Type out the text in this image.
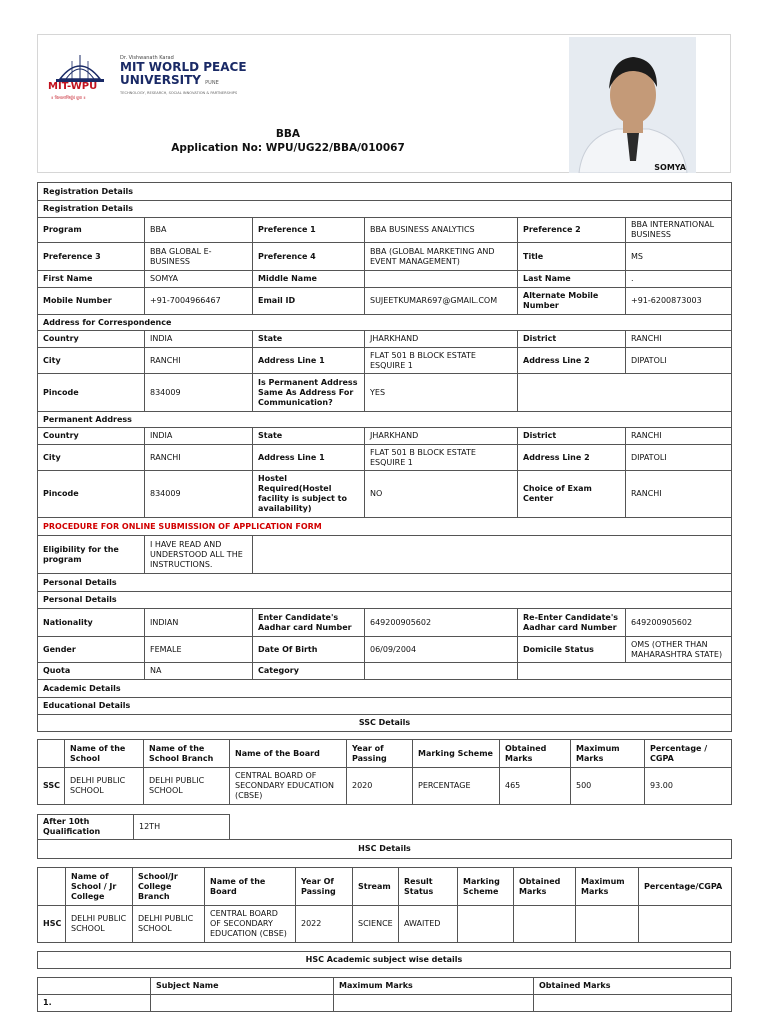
MIT-WPU
॥ विश्वशान्तिर्ध्रुवं ध्रुवा ॥
Dr. Vishwanath Karad
MIT WORLD PEACE
UNIVERSITY PUNE
TECHNOLOGY, RESEARCH, SOCIAL INNOVATION & PARTNERSHIPS
BBA
Application No: WPU/UG22/BBA/010067
SOMYA
Registration Details					
Registration Details					
Program	BBA	Preference 1	BBA BUSINESS ANALYTICS	Preference 2	BBA INTERNATIONAL BUSINESS
Preference 3	BBA GLOBAL E-BUSINESS	Preference 4	BBA (GLOBAL MARKETING AND EVENT MANAGEMENT)	Title	MS
First Name	SOMYA	Middle Name		Last Name	.
Mobile Number	+91-7004966467	Email ID	SUJEETKUMAR697@GMAIL.COM	Alternate Mobile Number	+91-6200873003
Address for Correspondence					
Country	INDIA	State	JHARKHAND	District	RANCHI
City	RANCHI	Address Line 1	FLAT 501 B BLOCK ESTATE ESQUIRE 1	Address Line 2	DIPATOLI
Pincode	834009	Is Permanent Address Same As Address For Communication?	YES		
Permanent Address					
Country	INDIA	State	JHARKHAND	District	RANCHI
City	RANCHI	Address Line 1	FLAT 501 B BLOCK ESTATE ESQUIRE 1	Address Line 2	DIPATOLI
Pincode	834009	Hostel Required(Hostel facility is subject to availability)	NO	Choice of Exam Center	RANCHI
PROCEDURE FOR ONLINE SUBMISSION OF APPLICATION FORM					
Eligibility for the program	I HAVE READ AND UNDERSTOOD ALL THE INSTRUCTIONS.				
Personal Details					
Personal Details					
Nationality	INDIAN	Enter Candidate's Aadhar card Number	649200905602	Re-Enter Candidate's Aadhar card Number	649200905602
Gender	FEMALE	Date Of Birth	06/09/2004	Domicile Status	OMS (OTHER THAN MAHARASHTRA STATE)
Quota	NA	Category			
Academic Details					
Educational Details					
SSC Details					
	Name of the School	Name of the School Branch	Name of the Board	Year of Passing	Marking Scheme	Obtained Marks	Maximum Marks	Percentage / CGPA
SSC	DELHI PUBLIC SCHOOL	DELHI PUBLIC SCHOOL	CENTRAL BOARD OF SECONDARY EDUCATION (CBSE)	2020	PERCENTAGE	465	500	93.00
After 10th Qualification	12TH	
HSC Details
	Name of School / Jr College	School/Jr College Branch	Name of the Board	Year Of Passing	Stream	Result Status	Marking Scheme	Obtained Marks	Maximum Marks	Percentage/CGPA
HSC	DELHI PUBLIC SCHOOL	DELHI PUBLIC SCHOOL	CENTRAL BOARD OF SECONDARY EDUCATION (CBSE)	2022	SCIENCE	AWAITED				
HSC Academic subject wise details
	Subject Name	Maximum Marks	Obtained Marks
1.			
